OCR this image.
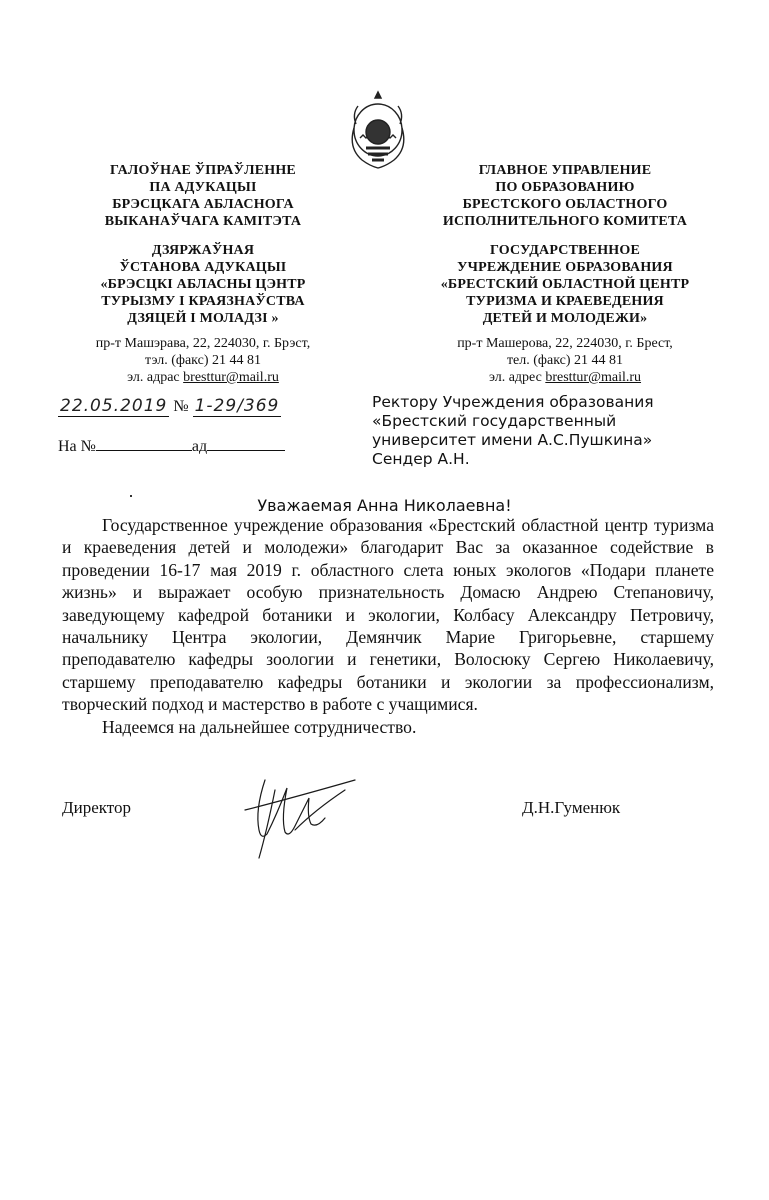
ГАЛОЎНАЕ ЎПРАЎЛЕННЕ
ПА АДУКАЦЫІ
БРЭСЦКАГА АБЛАСНОГА
ВЫКАНАЎЧАГА КАМІТЭТА
ДЗЯРЖАЎНАЯ
ЎСТАНОВА АДУКАЦЫІ
«БРЭСЦКІ АБЛАСНЫ ЦЭНТР
ТУРЫЗМУ І КРАЯЗНАЎСТВА
ДЗЯЦЕЙ І МОЛАДЗІ »
пр-т Машэрава, 22, 224030, г. Брэст,
тэл. (факс) 21 44 81
эл. адрас bresttur@mail.ru
ГЛАВНОЕ УПРАВЛЕНИЕ
ПО ОБРАЗОВАНИЮ
БРЕСТСКОГО ОБЛАСТНОГО
ИСПОЛНИТЕЛЬНОГО КОМИТЕТА
ГОСУДАРСТВЕННОЕ
УЧРЕЖДЕНИЕ ОБРАЗОВАНИЯ
«БРЕСТСКИЙ ОБЛАСТНОЙ ЦЕНТР
ТУРИЗМА И КРАЕВЕДЕНИЯ
ДЕТЕЙ И МОЛОДЕЖИ»
пр-т Машерова, 22, 224030, г. Брест,
тел. (факс) 21 44 81
эл. адрес bresttur@mail.ru
22.05.2019 № 1-29/369
На №	ад
Ректору Учреждения образования
«Брестский государственный
университет имени А.С.Пушкина»
Сендер А.Н.
Уважаемая Анна Николаевна!

Государственное учреждение образования «Брестский областной центр туризма и краеведения детей и молодежи» благодарит Вас за оказанное содействие в проведении 16-17 мая 2019 г. областного слета юных экологов «Подари планете жизнь» и выражает особую признательность Домасю Андрею Степановичу, заведующему кафедрой ботаники и экологии, Колбасу Александру Петровичу, начальнику Центра экологии, Демянчик Марие Григорьевне, старшему преподавателю кафедры зоологии и генетики, Волосюку Сергею Николаевичу, старшему преподавателю кафедры ботаники и экологии за профессионализм, творческий подход и мастерство в работе с учащимися.

Надеемся на дальнейшее сотрудничество.

Директор	Д.Н.Гуменюк
